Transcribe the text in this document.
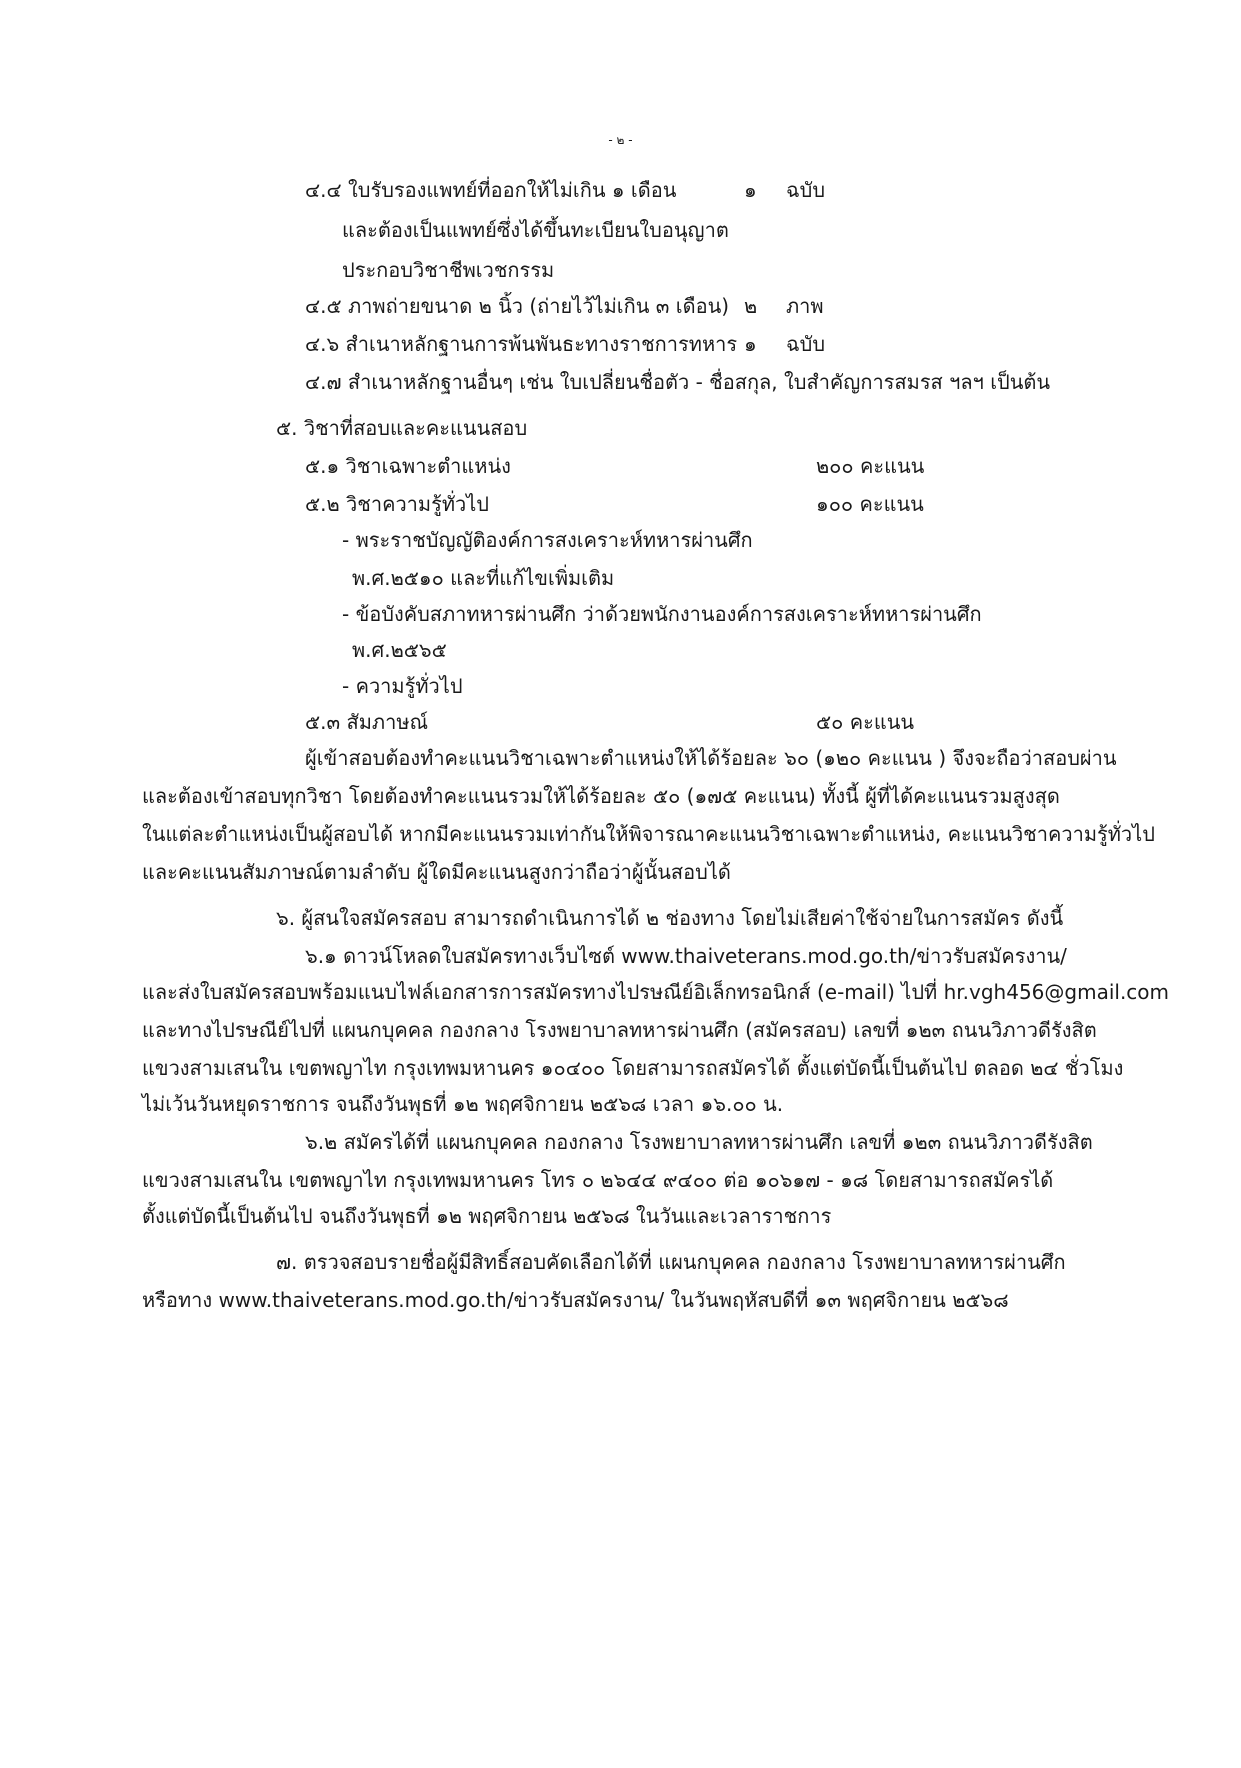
- ๒ -
๔.๔ ใบรับรองแพทย์ที่ออกให้ไม่เกิน ๑ เดือน	๑ ฉบับ
และต้องเป็นแพทย์ซึ่งได้ขึ้นทะเบียนใบอนุญาต
ประกอบวิชาชีพเวชกรรม
๔.๕ ภาพถ่ายขนาด ๒ นิ้ว (ถ่ายไว้ไม่เกิน ๓ เดือน) ๒ ภาพ
๔.๖ สำเนาหลักฐานการพ้นพันธะทางราชการทหาร ๑ ฉบับ
๔.๗ สำเนาหลักฐานอื่นๆ เช่น ใบเปลี่ยนชื่อตัว - ชื่อสกุล, ใบสำคัญการสมรส ฯลฯ เป็นต้น
๕. วิชาที่สอบและคะแนนสอบ
๕.๑ วิชาเฉพาะตำแหน่ง	๒๐๐ คะแนน
๕.๒ วิชาความรู้ทั่วไป	๑๐๐ คะแนน
- พระราชบัญญัติองค์การสงเคราะห์ทหารผ่านศึก
พ.ศ.๒๕๑๐ และที่แก้ไขเพิ่มเติม
- ข้อบังคับสภาทหารผ่านศึก ว่าด้วยพนักงานองค์การสงเคราะห์ทหารผ่านศึก
พ.ศ.๒๕๖๕
- ความรู้ทั่วไป
๕.๓ สัมภาษณ์	๕๐ คะแนน
ผู้เข้าสอบต้องทำคะแนนวิชาเฉพาะตำแหน่งให้ได้ร้อยละ ๖๐ (๑๒๐ คะแนน ) จึงจะถือว่าสอบผ่าน
และต้องเข้าสอบทุกวิชา โดยต้องทำคะแนนรวมให้ได้ร้อยละ ๕๐ (๑๗๕ คะแนน) ทั้งนี้ ผู้ที่ได้คะแนนรวมสูงสุด
ในแต่ละตำแหน่งเป็นผู้สอบได้ หากมีคะแนนรวมเท่ากันให้พิจารณาคะแนนวิชาเฉพาะตำแหน่ง, คะแนนวิชาความรู้ทั่วไป
และคะแนนสัมภาษณ์ตามลำดับ ผู้ใดมีคะแนนสูงกว่าถือว่าผู้นั้นสอบได้
๖. ผู้สนใจสมัครสอบ สามารถดำเนินการได้ ๒ ช่องทาง โดยไม่เสียค่าใช้จ่ายในการสมัคร ดังนี้
๖.๑ ดาวน์โหลดใบสมัครทางเว็บไซต์ www.thaiveterans.mod.go.th/ข่าวรับสมัครงาน/
และส่งใบสมัครสอบพร้อมแนบไฟล์เอกสารการสมัครทางไปรษณีย์อิเล็กทรอนิกส์ (e-mail) ไปที่ hr.vgh456@gmail.com
และทางไปรษณีย์ไปที่ แผนกบุคคล กองกลาง โรงพยาบาลทหารผ่านศึก (สมัครสอบ) เลขที่ ๑๒๓ ถนนวิภาวดีรังสิต
แขวงสามเสนใน เขตพญาไท กรุงเทพมหานคร ๑๐๔๐๐ โดยสามารถสมัครได้ ตั้งแต่บัดนี้เป็นต้นไป ตลอด ๒๔ ชั่วโมง
ไม่เว้นวันหยุดราชการ จนถึงวันพุธที่ ๑๒ พฤศจิกายน ๒๕๖๘ เวลา ๑๖.๐๐ น.
๖.๒ สมัครได้ที่ แผนกบุคคล กองกลาง โรงพยาบาลทหารผ่านศึก เลขที่ ๑๒๓ ถนนวิภาวดีรังสิต
แขวงสามเสนใน เขตพญาไท กรุงเทพมหานคร โทร ๐ ๒๖๔๔ ๙๔๐๐ ต่อ ๑๐๖๑๗ - ๑๘ โดยสามารถสมัครได้
ตั้งแต่บัดนี้เป็นต้นไป จนถึงวันพุธที่ ๑๒ พฤศจิกายน ๒๕๖๘ ในวันและเวลาราชการ
๗. ตรวจสอบรายชื่อผู้มีสิทธิ์สอบคัดเลือกได้ที่ แผนกบุคคล กองกลาง โรงพยาบาลทหารผ่านศึก
หรือทาง www.thaiveterans.mod.go.th/ข่าวรับสมัครงาน/ ในวันพฤหัสบดีที่ ๑๓ พฤศจิกายน ๒๕๖๘
